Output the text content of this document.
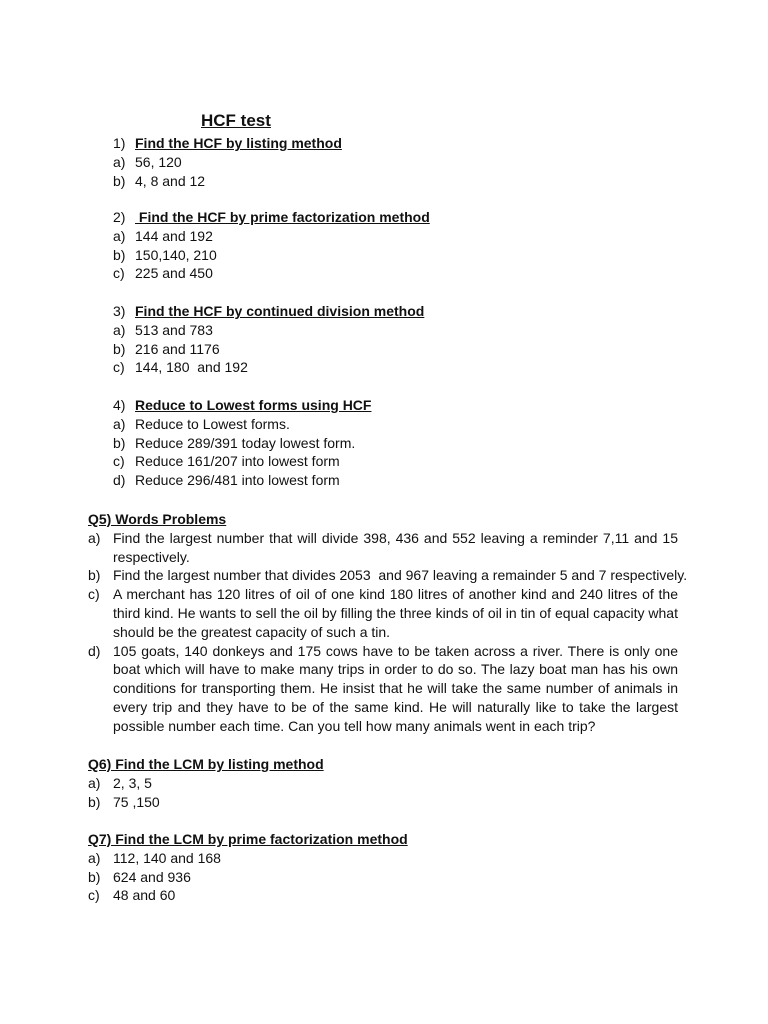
HCF test
1) Find the HCF by listing method
a) 56, 120
b) 4, 8 and 12
2) Find the HCF by prime factorization method
a) 144 and 192
b) 150,140, 210
c) 225 and 450
3) Find the HCF by continued division method
a) 513 and 783
b) 216 and 1176
c) 144, 180  and 192
4) Reduce to Lowest forms using HCF
a) Reduce to Lowest forms.
b) Reduce 289/391 today lowest form.
c) Reduce 161/207 into lowest form
d) Reduce 296/481 into lowest form
Q5) Words Problems
a) Find the largest number that will divide 398, 436 and 552 leaving a reminder 7,11 and 15 respectively.
b) Find the largest number that divides 2053  and 967 leaving a remainder 5 and 7 respectively.
c) A merchant has 120 litres of oil of one kind 180 litres of another kind and 240 litres of the third kind. He wants to sell the oil by filling the three kinds of oil in tin of equal capacity what should be the greatest capacity of such a tin.
d) 105 goats, 140 donkeys and 175 cows have to be taken across a river. There is only one boat which will have to make many trips in order to do so. The lazy boat man has his own conditions for transporting them. He insist that he will take the same number of animals in every trip and they have to be of the same kind. He will naturally like to take the largest possible number each time. Can you tell how many animals went in each trip?
Q6) Find the LCM by listing method
a) 2, 3, 5
b) 75 ,150
Q7) Find the LCM by prime factorization method
a) 112, 140 and 168
b) 624 and 936
c) 48 and 60
